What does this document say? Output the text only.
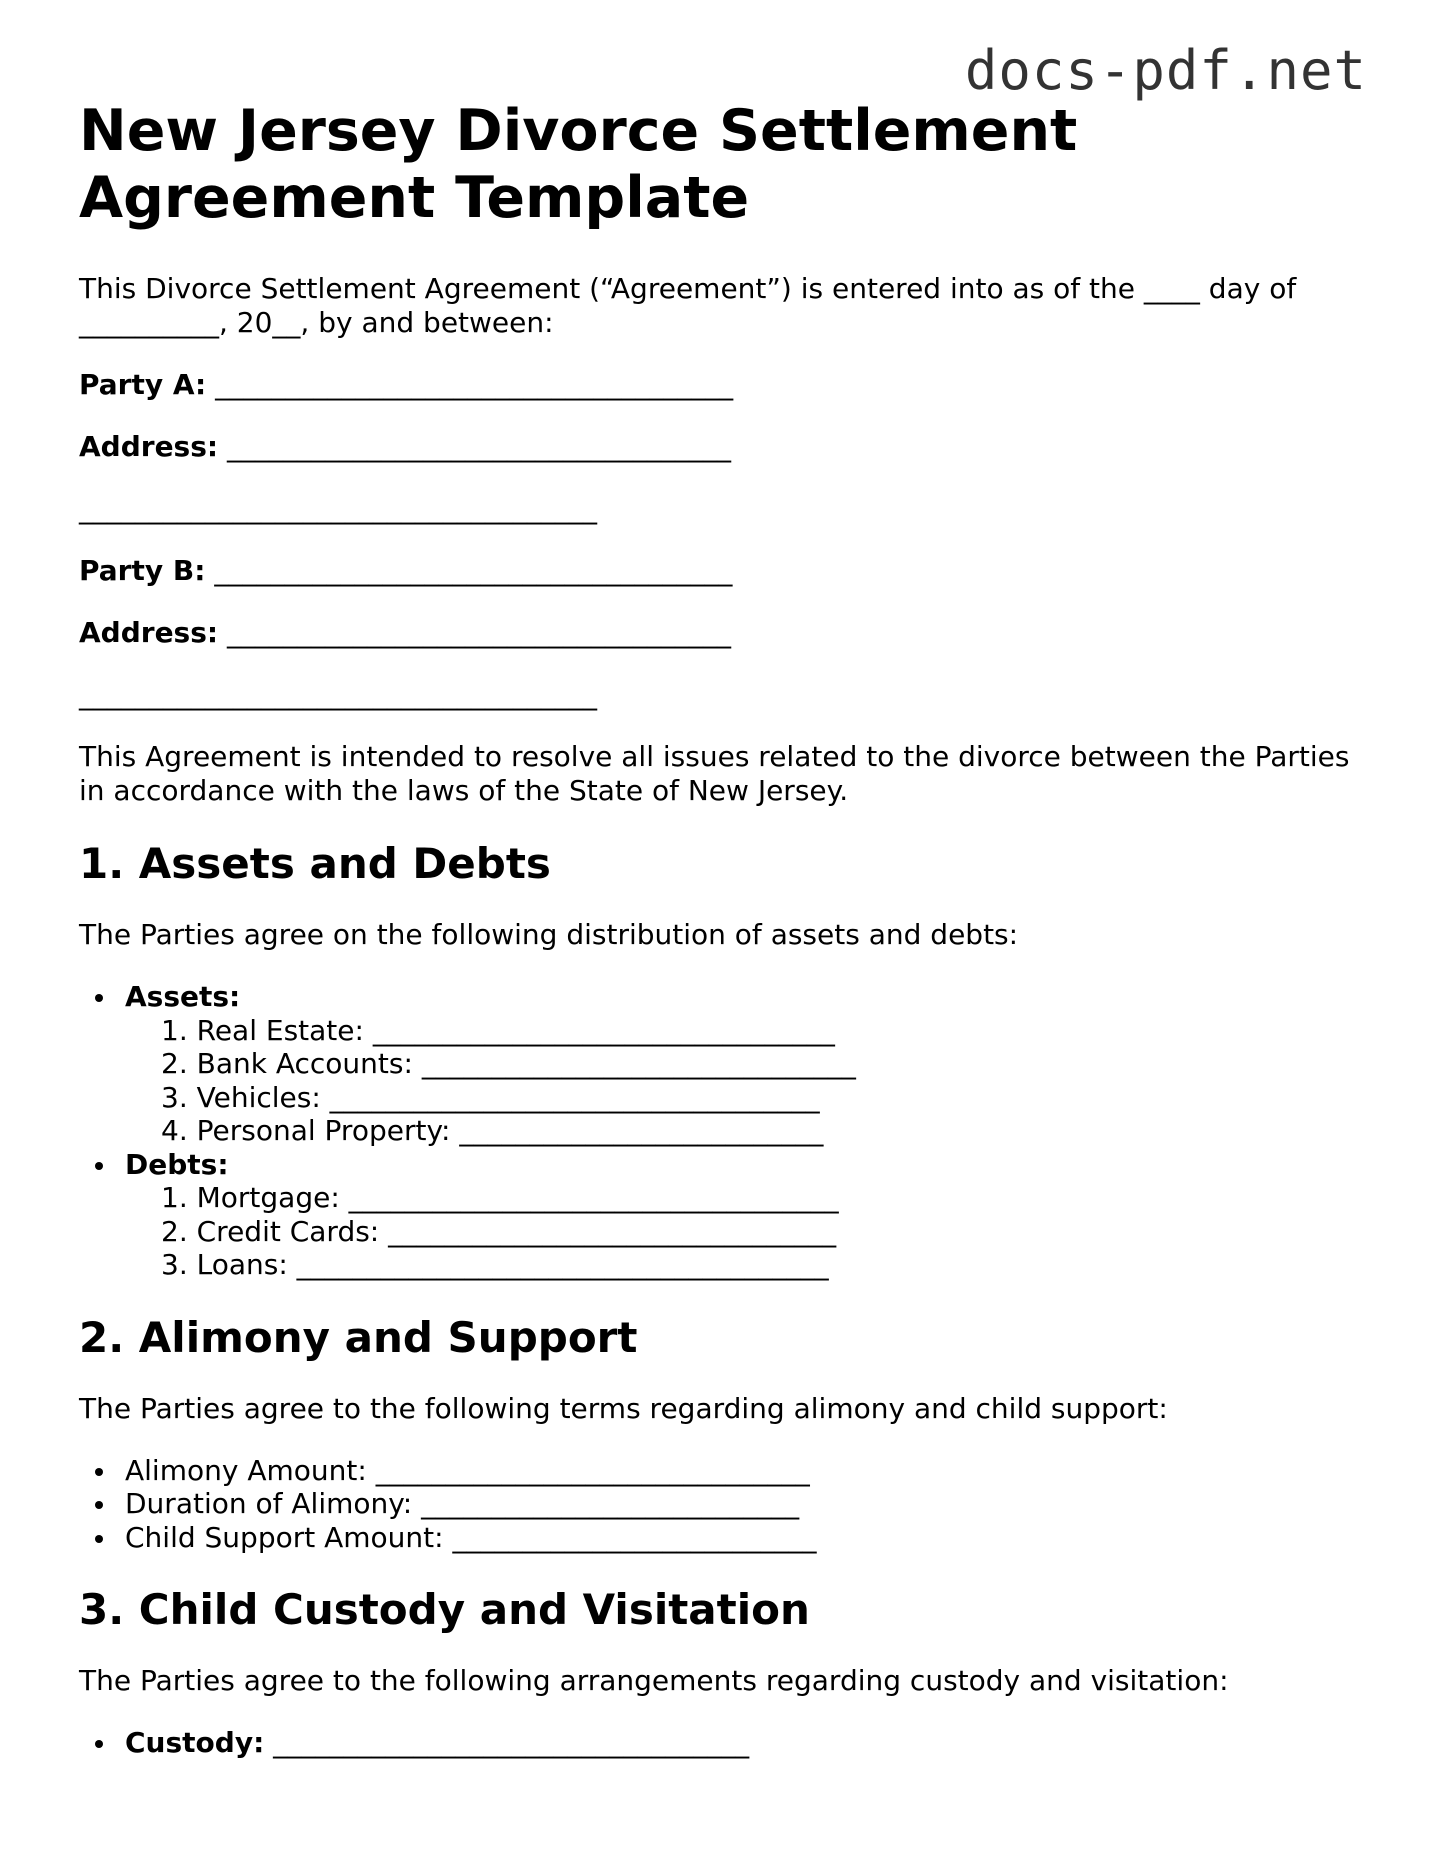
docs-pdf.net
New Jersey Divorce Settlement Agreement Template

This Divorce Settlement Agreement (“Agreement”) is entered into as of the ____ day of __________, 20__, by and between:

Party A: _____________________________________
Address: ____________________________________
_____________________________________
Party B: _____________________________________
Address: ____________________________________
_____________________________________

This Agreement is intended to resolve all issues related to the divorce between the Parties in accordance with the laws of the State of New Jersey.

1. Assets and Debts

The Parties agree on the following distribution of assets and debts:

Assets:
1. Real Estate: _________________________________
2. Bank Accounts: _______________________________
3. Vehicles: ___________________________________
4. Personal Property: __________________________
Debts:
1. Mortgage: ___________________________________
2. Credit Cards: ________________________________
3. Loans: ______________________________________
2. Alimony and Support

The Parties agree to the following terms regarding alimony and child support:

Alimony Amount: _______________________________
Duration of Alimony: ___________________________
Child Support Amount: __________________________
3. Child Custody and Visitation

The Parties agree to the following arrangements regarding custody and visitation:

Custody: __________________________________
